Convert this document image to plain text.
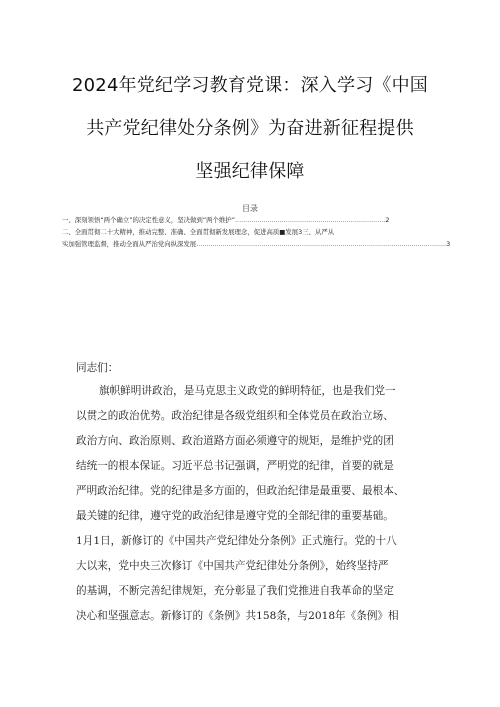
2024年党纪学习教育党课：深入学习《中国
共产党纪律处分条例》为奋进新征程提供
坚强纪律保障
目录
一、深刻领悟“两个确立”的决定性意义，坚决做到“两个维护”..........................................................................2
二、全面贯彻二十大精神，推动完整、准确、全面贯彻新发展理念，促进高质■发展3三、从严从
实加强管理监督，推动全面从严治党向纵深发展...........................................................................................................................3
同志们：
旗帜鲜明讲政治，是马克思主义政党的鲜明特征，也是我们党一
以贯之的政治优势。政治纪律是各级党组织和全体党员在政治立场、
政治方向、政治原则、政治道路方面必须遵守的规矩，是维护党的团
结统一的根本保证。习近平总书记强调，严明党的纪律，首要的就是
严明政治纪律。党的纪律是多方面的，但政治纪律是最重要、最根本、
最关键的纪律，遵守党的政治纪律是遵守党的全部纪律的重要基础。
1月1日，新修订的《中国共产党纪律处分条例》正式施行。党的十八
大以来，党中央三次修订《中国共产党纪律处分条例》，始终坚持严
的基调，不断完善纪律规矩，充分彰显了我们党推进自我革命的坚定
决心和坚强意志。新修订的《条例》共158条，与2018年《条例》相
